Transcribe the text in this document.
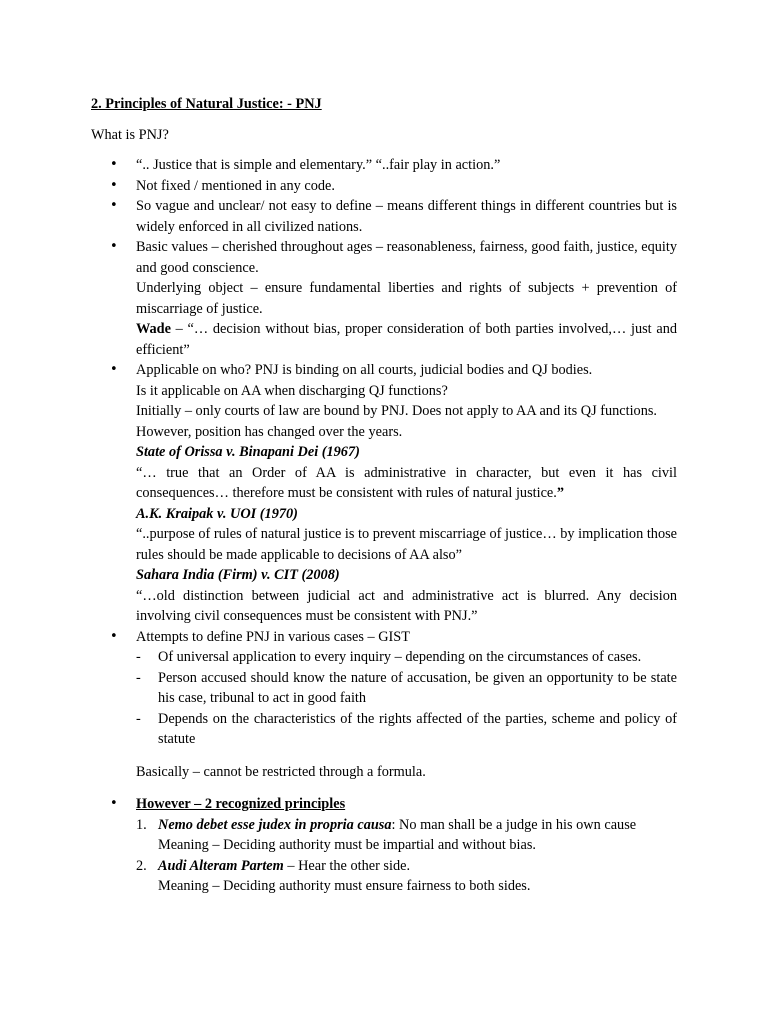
2. Principles of Natural Justice: - PNJ
What is PNJ?
•	“.. Justice that is simple and elementary.” “..fair play in action.”
•	Not fixed / mentioned in any code.
•	So vague and unclear/ not easy to define – means different things in different countries but is widely enforced in all civilized nations.
•	Basic values – cherished throughout ages – reasonableness, fairness, good faith, justice, equity and good conscience.
Underlying object – ensure fundamental liberties and rights of subjects + prevention of miscarriage of justice.
Wade – “… decision without bias, proper consideration of both parties involved,… just and efficient”
•	Applicable on who? PNJ is binding on all courts, judicial bodies and QJ bodies.
Is it applicable on AA when discharging QJ functions?
Initially – only courts of law are bound by PNJ. Does not apply to AA and its QJ functions.
However, position has changed over the years.
State of Orissa v. Binapani Dei (1967)
“… true that an Order of AA is administrative in character, but even it has civil consequences… therefore must be consistent with rules of natural justice.”
A.K. Kraipak v. UOI (1970)
“..purpose of rules of natural justice is to prevent miscarriage of justice… by implication those rules should be made applicable to decisions of AA also”
Sahara India (Firm) v. CIT (2008)
“…old distinction between judicial act and administrative act is blurred. Any decision involving civil consequences must be consistent with PNJ.”
•	Attempts to define PNJ in various cases – GIST
- Of universal application to every inquiry – depending on the circumstances of cases.
- Person accused should know the nature of accusation, be given an opportunity to be state his case, tribunal to act in good faith
- Depends on the characteristics of the rights affected of the parties, scheme and policy of statute

Basically – cannot be restricted through a formula.

•	However – 2 recognized principles
1. Nemo debet esse judex in propria causa: No man shall be a judge in his own cause
Meaning – Deciding authority must be impartial and without bias.
2. Audi Alteram Partem – Hear the other side.
Meaning – Deciding authority must ensure fairness to both sides.
